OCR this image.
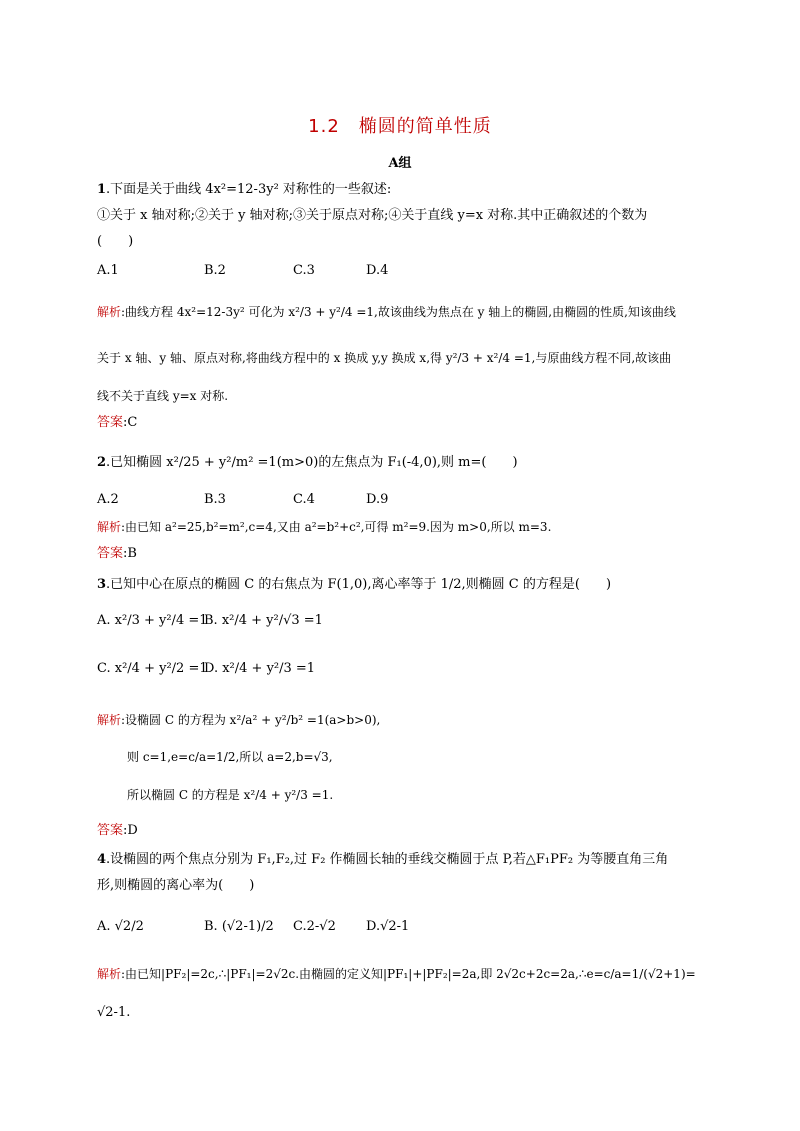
1.2　椭圆的简单性质
A组
1.下面是关于曲线 4x²=12-3y² 对称性的一些叙述:
①关于 x 轴对称;②关于 y 轴对称;③关于原点对称;④关于直线 y=x 对称.其中正确叙述的个数为
(　　)
A.1	B.2	C.3	D.4
解析:曲线方程 4x²=12-3y² 可化为 x²/3 + y²/4 =1,故该曲线为焦点在 y 轴上的椭圆,由椭圆的性质,知该曲线
关于 x 轴、y 轴、原点对称,将曲线方程中的 x 换成 y,y 换成 x,得 y²/3 + x²/4 =1,与原曲线方程不同,故该曲
线不关于直线 y=x 对称.
答案:C
2.已知椭圆 x²/25 + y²/m² =1(m>0)的左焦点为 F₁(-4,0),则 m=(　　)
A.2	B.3	C.4	D.9
解析:由已知 a²=25,b²=m²,c=4,又由 a²=b²+c²,可得 m²=9.因为 m>0,所以 m=3.
答案:B
3.已知中心在原点的椭圆 C 的右焦点为 F(1,0),离心率等于 1/2,则椭圆 C 的方程是(　　)
A. x²/3 + y²/4 =1
B. x²/4 + y²/√3 =1
C. x²/4 + y²/2 =1
D. x²/4 + y²/3 =1
解析:设椭圆 C 的方程为 x²/a² + y²/b² =1(a>b>0),
则 c=1,e=c/a=1/2,所以 a=2,b=√3,
所以椭圆 C 的方程是 x²/4 + y²/3 =1.
答案:D
4.设椭圆的两个焦点分别为 F₁,F₂,过 F₂ 作椭圆长轴的垂线交椭圆于点 P,若△F₁PF₂ 为等腰直角三角
形,则椭圆的离心率为(　　)
A. √2/2	B. (√2-1)/2 C.2-√2 D.√2-1
解析:由已知|PF₂|=2c,∴|PF₁|=2√2c.由椭圆的定义知|PF₁|+|PF₂|=2a,即 2√2c+2c=2a,∴e=c/a=1/(√2+1)=
√2-1.
